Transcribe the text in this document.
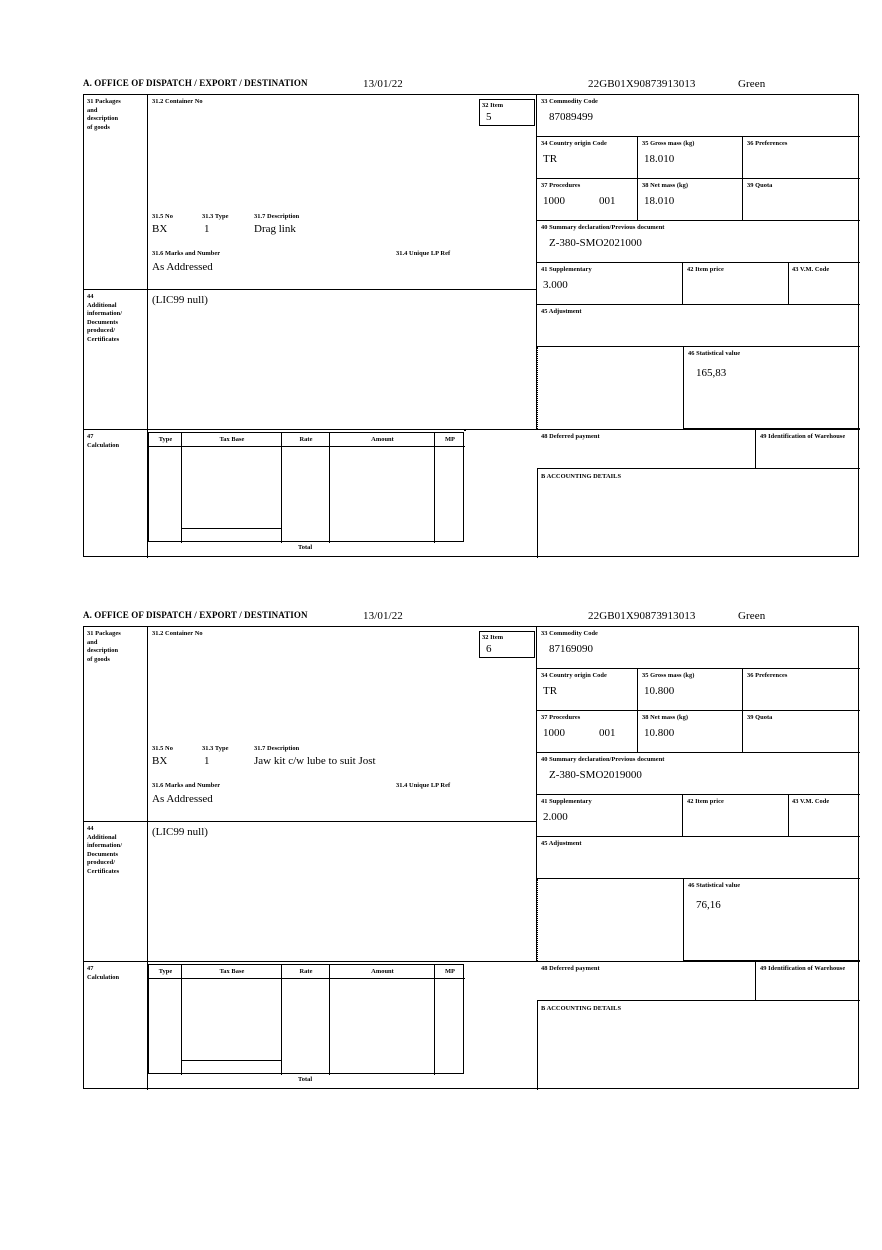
A. OFFICE OF DISPATCH / EXPORT / DESTINATION	13/01/22	22GB01X90873913013	Green
31 Packages
and
description
of goods
31.2 Container No
31.5 No	31.3 Type	31.7 Description
BX	1	Drag link
31.6 Marks and Number	31.4 Unique LP Ref
As Addressed
32 Item
5
33 Commodity Code
87089499
34 Country origin Code
TR
35 Gross mass (kg)
18.010
36 Preferences
37 Procedures
1000	001
38 Net mass (kg)
18.010
39 Quota
40 Summary declaration/Previous document
Z-380-SMO2021000
41 Supplementary
3.000
42 Item price	43 V.M. Code
44
Additional
information/
Documents
produced/
Certificates
(LIC99 null)
45 Adjustment
46 Statistical value
165,83
47
Calculation
Type	Tax Base	Rate	Amount	MP
Total
48 Deferred payment	49 Identification of Warehouse
B ACCOUNTING DETAILS
A. OFFICE OF DISPATCH / EXPORT / DESTINATION	13/01/22	22GB01X90873913013	Green
31 Packages
and
description
of goods
31.2 Container No
31.5 No	31.3 Type	31.7 Description
BX	1	Jaw kit c/w lube to suit Jost
31.6 Marks and Number	31.4 Unique LP Ref
As Addressed
32 Item
6
33 Commodity Code
87169090
34 Country origin Code
TR
35 Gross mass (kg)
10.800
36 Preferences
37 Procedures
1000	001
38 Net mass (kg)
10.800
39 Quota
40 Summary declaration/Previous document
Z-380-SMO2019000
41 Supplementary
2.000
42 Item price	43 V.M. Code
44
Additional
information/
Documents
produced/
Certificates
(LIC99 null)
45 Adjustment
46 Statistical value
76,16
47
Calculation
Type	Tax Base	Rate	Amount	MP
Total
48 Deferred payment	49 Identification of Warehouse
B ACCOUNTING DETAILS
